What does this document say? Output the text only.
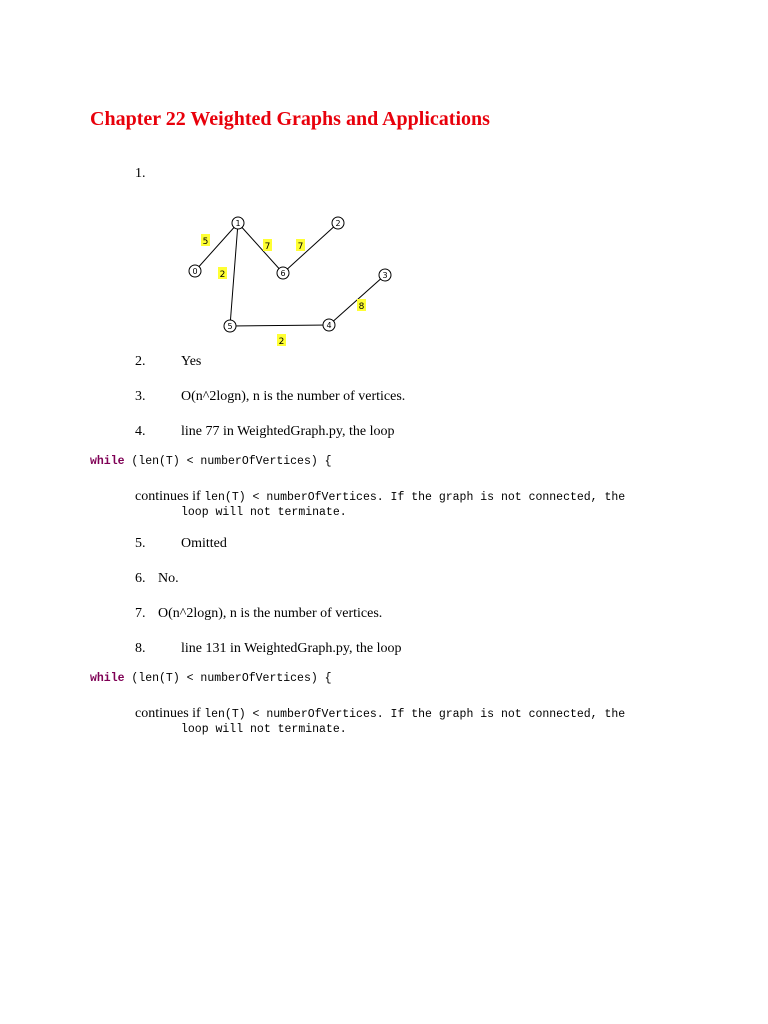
Chapter 22 Weighted Graphs and Applications
1.
5	7	7
2
2
8
0
1	2
3
4
5
6
2.	Yes
3.	O(n^2logn), n is the number of vertices.
4.	line 77 in WeightedGraph.py, the loop
while (len(T) < numberOfVertices) {
continues if len(T) < numberOfVertices. If the graph is not connected, the
loop will not terminate.
5.	Omitted
6. No.
7. O(n^2logn), n is the number of vertices.
8.	line 131 in WeightedGraph.py, the loop
while (len(T) < numberOfVertices) {
continues if len(T) < numberOfVertices. If the graph is not connected, the
loop will not terminate.
